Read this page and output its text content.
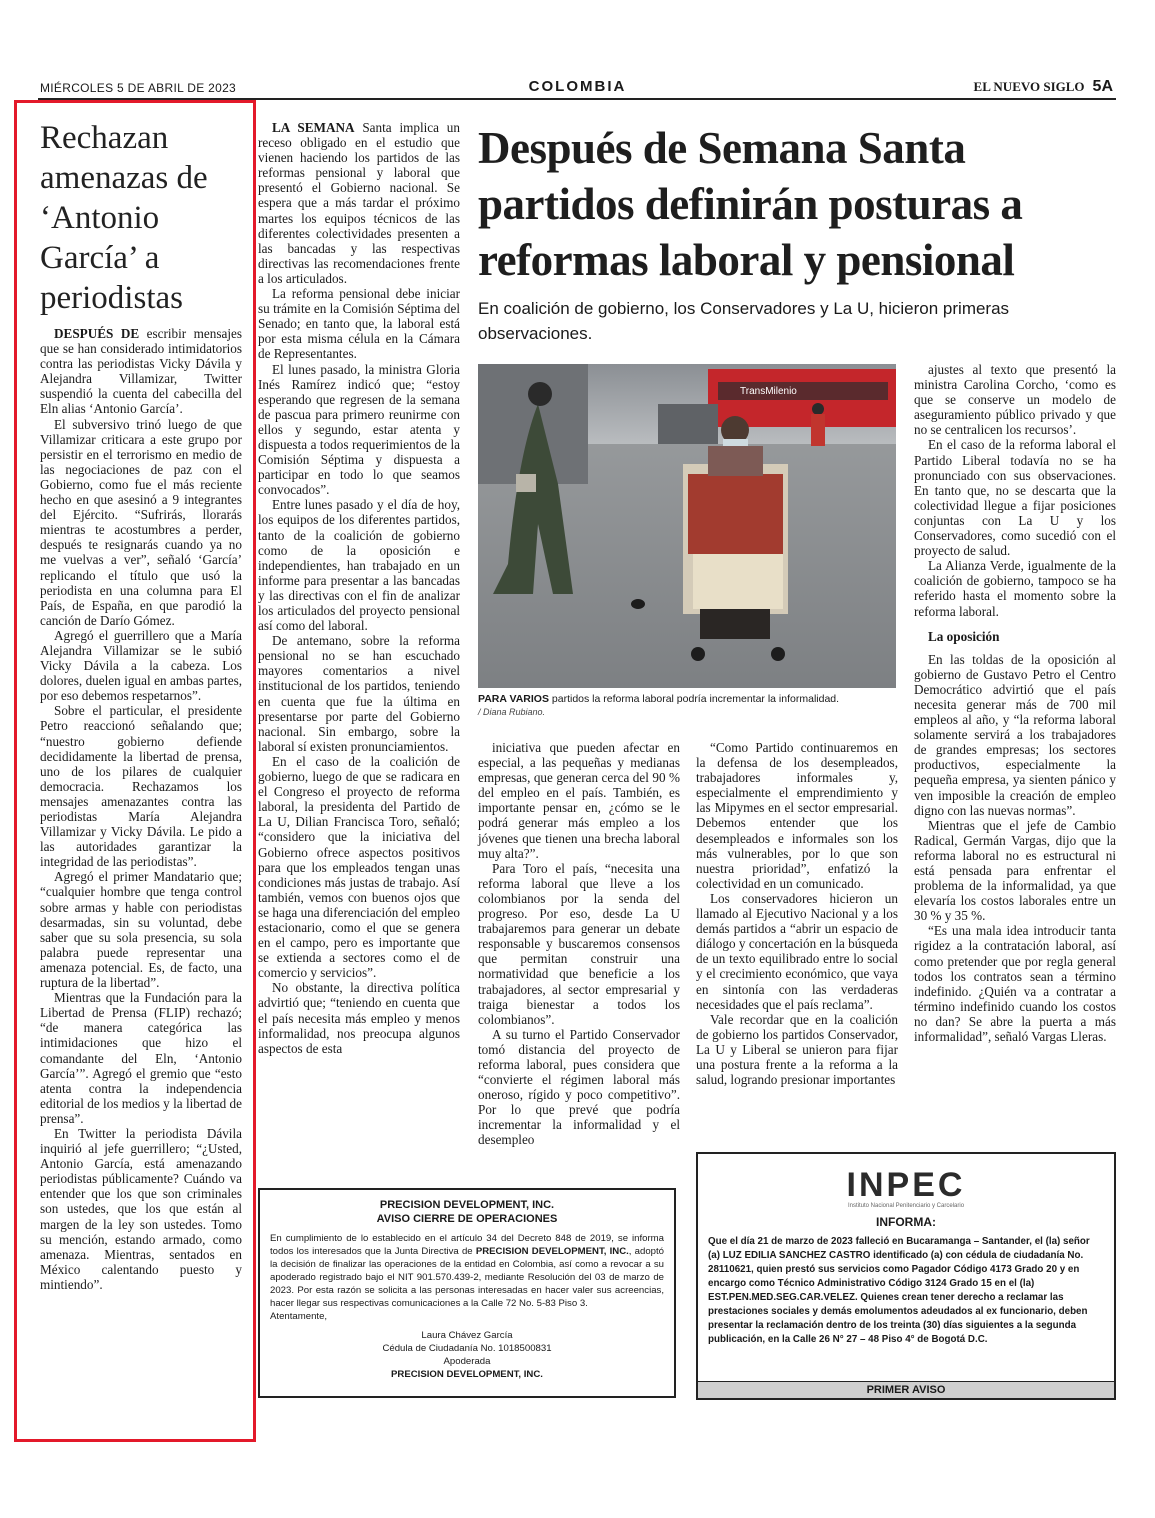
MIÉRCOLES 5 DE ABRIL DE 2023	COLOMBIA	EL NUEVO SIGLO 5A
Rechazan amenazas de ‘Antonio García’ a periodistas

DESPUÉS DE escribir mensajes que se han considerado intimidatorios contra las periodistas Vicky Dávila y Alejandra Villamizar, Twitter suspendió la cuenta del cabecilla del Eln alias ‘Antonio García’.

El subversivo trinó luego de que Villamizar criticara a este grupo por persistir en el terrorismo en medio de las negociaciones de paz con el Gobierno, como fue el más reciente hecho en que asesinó a 9 integrantes del Ejército. “Sufrirás, llorarás mientras te acostumbres a perder, después te resignarás cuando ya no me vuelvas a ver”, señaló ‘García’ replicando el título que usó la periodista en una columna para El País, de España, en que parodió la canción de Darío Gómez.

Agregó el guerrillero que a María Alejandra Villamizar se le subió Vicky Dávila a la cabeza. Los dolores, duelen igual en ambas partes, por eso debemos respetarnos”.

Sobre el particular, el presidente Petro reaccionó señalando que; “nuestro gobierno defiende decididamente la libertad de prensa, uno de los pilares de cualquier democracia. Rechazamos los mensajes amenazantes contra las periodistas María Alejandra Villamizar y Vicky Dávila. Le pido a las autoridades garantizar la integridad de las periodistas”.

Agregó el primer Mandatario que; “cualquier hombre que tenga control sobre armas y hable con periodistas desarmadas, sin su voluntad, debe saber que su sola presencia, su sola palabra puede representar una amenaza potencial. Es, de facto, una ruptura de la libertad”.

Mientras que la Fundación para la Libertad de Prensa (FLIP) rechazó; “de manera categórica las intimidaciones que hizo el comandante del Eln, ‘Antonio García’”. Agregó el gremio que “esto atenta contra la independencia editorial de los medios y la libertad de prensa”.

En Twitter la periodista Dávila inquirió al jefe guerrillero; “¿Usted, Antonio García, está amenazando periodistas públicamente? Cuándo va entender que los que son criminales son ustedes, que los que están al margen de la ley son ustedes. Tomo su mención, estando armado, como amenaza. Mientras, sentados en México calentando puesto y mintiendo”.

LA SEMANA Santa implica un receso obligado en el estudio que vienen haciendo los partidos de las reformas pensional y laboral que presentó el Gobierno nacional. Se espera que a más tardar el próximo martes los equipos técnicos de las diferentes colectividades presenten a las bancadas y las respectivas directivas las recomendaciones frente a los articulados.

La reforma pensional debe iniciar su trámite en la Comisión Séptima del Senado; en tanto que, la laboral está por esta misma célula en la Cámara de Representantes.

El lunes pasado, la ministra Gloria Inés Ramírez indicó que; “estoy esperando que regresen de la semana de pascua para primero reunirme con ellos y segundo, estar atenta y dispuesta a todos requerimientos de la Comisión Séptima y dispuesta a participar en todo lo que seamos convocados”.

Entre lunes pasado y el día de hoy, los equipos de los diferentes partidos, tanto de la coalición de gobierno como de la oposición e independientes, han trabajado en un informe para presentar a las bancadas y las directivas con el fin de analizar los articulados del proyecto pensional así como del laboral.

De antemano, sobre la reforma pensional no se han escuchado mayores comentarios a nivel institucional de los partidos, teniendo en cuenta que fue la última en presentarse por parte del Gobierno nacional. Sin embargo, sobre la laboral sí existen pronunciamientos.

En el caso de la coalición de gobierno, luego de que se radicara en el Congreso el proyecto de reforma laboral, la presidenta del Partido de La U, Dilian Francisca Toro, señaló; “considero que la iniciativa del Gobierno ofrece aspectos positivos para que los empleados tengan unas condiciones más justas de trabajo. Así también, vemos con buenos ojos que se haga una diferenciación del empleo estacionario, como el que se genera en el campo, pero es importante que se extienda a sectores como el de comercio y servicios”.

No obstante, la directiva política advirtió que; “teniendo en cuenta que el país necesita más empleo y menos informalidad, nos preocupa algunos aspectos de esta

Después de Semana Santa partidos definirán posturas a reformas laboral y pensional
En coalición de gobierno, los Conservadores y La U, hicieron primeras observaciones.
TransMilenio
PARA VARIOS partidos la reforma laboral podría incrementar la informalidad.
/ Diana Rubiano.

iniciativa que pueden afectar en especial, a las pequeñas y medianas empresas, que generan cerca del 90 % del empleo en el país. También, es importante pensar en, ¿cómo se le podrá generar más empleo a los jóvenes que tienen una brecha laboral muy alta?”.

Para Toro el país, “necesita una reforma laboral que lleve a los colombianos por la senda del progreso. Por eso, desde La U trabajaremos para generar un debate responsable y buscaremos consensos que permitan construir una normatividad que beneficie a los trabajadores, al sector empresarial y traiga bienestar a todos los colombianos”.

A su turno el Partido Conservador tomó distancia del proyecto de reforma laboral, pues considera que “convierte el régimen laboral más oneroso, rígido y poco competitivo”. Por lo que prevé que podría incrementar la informalidad y el desempleo

“Como Partido continuaremos en la defensa de los desempleados, trabajadores informales y, especialmente el emprendimiento y las Mipymes en el sector empresarial. Debemos entender que los desempleados e informales son los más vulnerables, por lo que son nuestra prioridad”, enfatizó la colectividad en un comunicado.

Los conservadores hicieron un llamado al Ejecutivo Nacional y a los demás partidos a “abrir un espacio de diálogo y concertación en la búsqueda de un texto equilibrado entre lo social y el crecimiento económico, que vaya en sintonía con las verdaderas necesidades que el país reclama”.

Vale recordar que en la coalición de gobierno los partidos Conservador, La U y Liberal se unieron para fijar una postura frente a la reforma a la salud, logrando presionar importantes

ajustes al texto que presentó la ministra Carolina Corcho, ‘como es que se conserve un modelo de aseguramiento público privado y que no se centralicen los recursos’.

En el caso de la reforma laboral el Partido Liberal todavía no se ha pronunciado con sus observaciones. En tanto que, no se descarta que la colectividad llegue a fijar posiciones conjuntas con La U y los Conservadores, como sucedió con el proyecto de salud.

La Alianza Verde, igualmente de la coalición de gobierno, tampoco se ha referido hasta el momento sobre la reforma laboral.

La oposición

En las toldas de la oposición al gobierno de Gustavo Petro el Centro Democrático advirtió que el país necesita generar más de 700 mil empleos al año, y “la reforma laboral solamente servirá a los trabajadores de grandes empresas; los sectores productivos, especialmente la pequeña empresa, ya sienten pánico y ven imposible la creación de empleo digno con las nuevas normas”.

Mientras que el jefe de Cambio Radical, Germán Vargas, dijo que la reforma laboral no es estructural ni está pensada para enfrentar el problema de la informalidad, ya que elevaría los costos laborales entre un 30 % y 35 %.

“Es una mala idea introducir tanta rigidez a la contratación laboral, así como pretender que por regla general todos los contratos sean a término indefinido. ¿Quién va a contratar a término indefinido cuando los costos no dan? Se abre la puerta a más informalidad”, señaló Vargas Lleras.

PRECISION DEVELOPMENT, INC.
AVISO CIERRE DE OPERACIONES
En cumplimiento de lo establecido en el artículo 34 del Decreto 848 de 2019, se informa todos los interesados que la Junta Directiva de PRECISION DEVELOPMENT, INC., adoptó la decisión de finalizar las operaciones de la entidad en Colombia, así como a revocar a su apoderado registrado bajo el NIT 901.570.439-2, mediante Resolución del 03 de marzo de 2023. Por esta razón se solicita a las personas interesadas en hacer valer sus acreencias, hacer llegar sus respectivas comunicaciones a la Calle 72 No. 5-83 Piso 3.
Atentamente,
Laura Chávez García
Cédula de Ciudadanía No. 1018500831
Apoderada
PRECISION DEVELOPMENT, INC.
INPEC
Instituto Nacional Penitenciario y Carcelario
INFORMA:
Que el día 21 de marzo de 2023 falleció en Bucaramanga – Santander, el (la) señor (a) LUZ EDILIA SANCHEZ CASTRO identificado (a) con cédula de ciudadanía No. 28110621, quien prestó sus servicios como Pagador Código 4173 Grado 20 y en encargo como Técnico Administrativo Código 3124 Grado 15 en el (la) EST.PEN.MED.SEG.CAR.VELEZ. Quienes crean tener derecho a reclamar las prestaciones sociales y demás emolumentos adeudados al ex funcionario, deben presentar la reclamación dentro de los treinta (30) días siguientes a la segunda publicación, en la Calle 26 N° 27 – 48 Piso 4° de Bogotá D.C.
PRIMER AVISO
